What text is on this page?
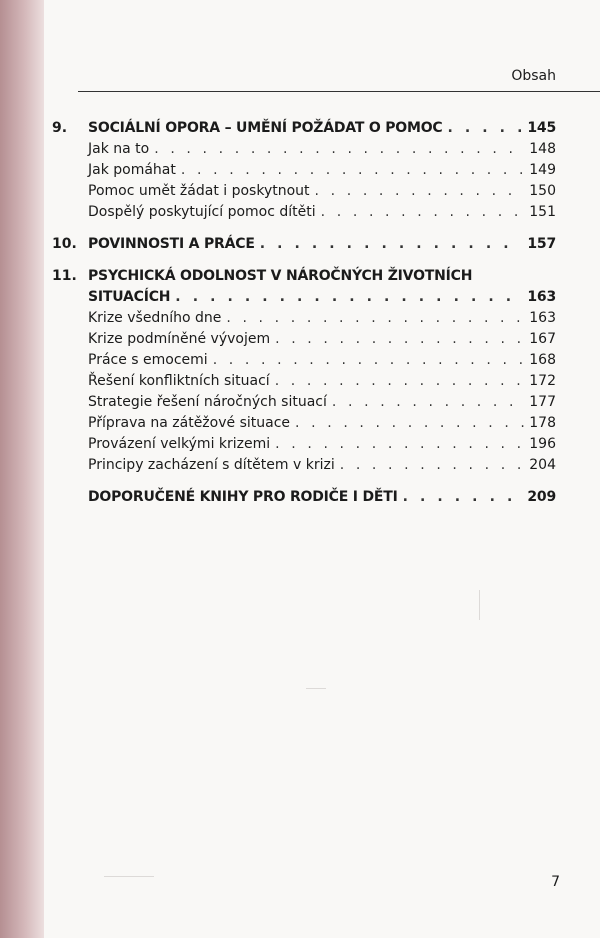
Obsah
9. SOCIÁLNÍ OPORA – UMĚNÍ POŽÁDAT O POMOC . . .	145
Jak na to . . .	148
Jak pomáhat . . .	149
Pomoc umět žádat i poskytnout . . .	150
Dospělý poskytující pomoc dítěti . . .	151
10. POVINNOSTI A PRÁCE . . .	157
11. PSYCHICKÁ ODOLNOST V NÁROČNÝCH ŽIVOTNÍCH
SITUACÍCH . . .	163
Krize všedního dne . . .	163
Krize podmíněné vývojem . . .	167
Práce s emocemi . . .	168
Řešení konfliktních situací . . .	172
Strategie řešení náročných situací . . .	177
Příprava na zátěžové situace . . .	178
Provázení velkými krizemi . . .	196
Principy zacházení s dítětem v krizi . . .	204
DOPORUČENÉ KNIHY PRO RODIČE I DĚTI . . .	209
7
